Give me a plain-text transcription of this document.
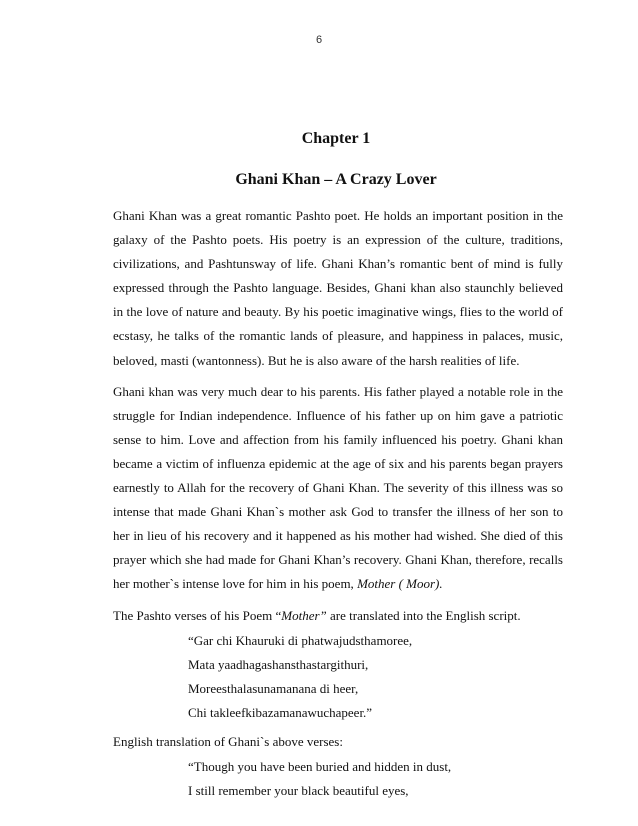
6
Chapter 1
Ghani Khan – A Crazy Lover

Ghani Khan was a great romantic Pashto poet. He holds an important position in the galaxy of the Pashto poets. His poetry is an expression of the culture, traditions, civilizations, and Pashtunsway of life. Ghani Khan’s romantic bent of mind is fully expressed through the Pashto language. Besides, Ghani khan also staunchly believed in the love of nature and beauty. By his poetic imaginative wings, flies to the world of ecstasy, he talks of the romantic lands of pleasure, and happiness in palaces, music, beloved, masti (wantonness). But he is also aware of the harsh realities of life.

Ghani khan was very much dear to his parents. His father played a notable role in the struggle for Indian independence. Influence of his father up on him gave a patriotic sense to him. Love and affection from his family influenced his poetry. Ghani khan became a victim of influenza epidemic at the age of six and his parents began prayers earnestly to Allah for the recovery of Ghani Khan. The severity of this illness was so intense that made Ghani Khan`s mother ask God to transfer the illness of her son to her in lieu of his recovery and it happened as his mother had wished. She died of this prayer which she had made for Ghani Khan’s recovery. Ghani Khan, therefore, recalls her mother`s intense love for him in his poem, Mother ( Moor).

The Pashto verses of his Poem “Mother” are translated into the English script.

“Gar chi Khauruki di phatwajudsthamoree,
Mata yaadhagashansthastargithuri,
Moreesthalasunamanana di heer,
Chi takleefkibazamanawuchapeer.”

English translation of Ghani`s above verses:

“Though you have been buried and hidden in dust,
I still remember your black beautiful eyes,
